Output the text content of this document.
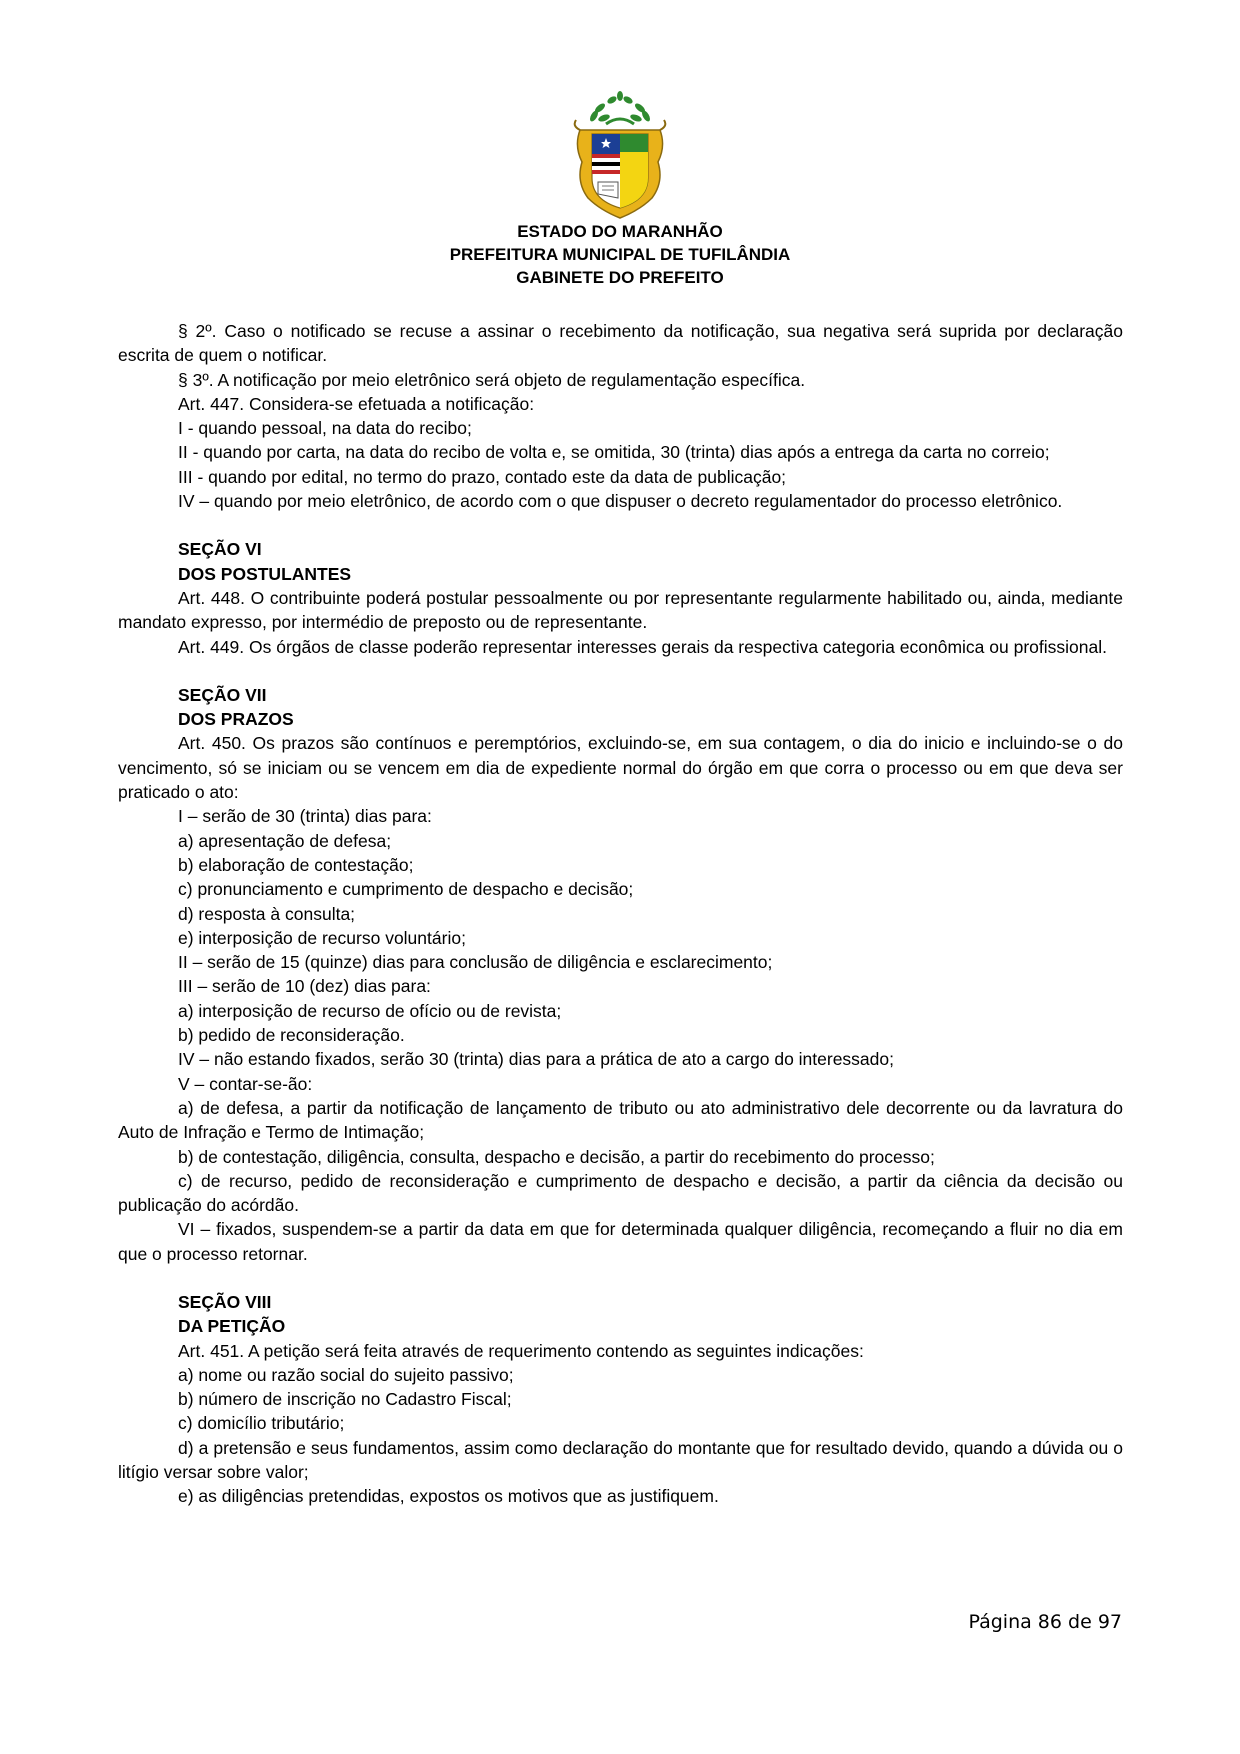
ESTADO DO MARANHÃO
PREFEITURA MUNICIPAL DE TUFILÂNDIA
GABINETE DO PREFEITO

§ 2º. Caso o notificado se recuse a assinar o recebimento da notificação, sua negativa será suprida por declaração escrita de quem o notificar.

§ 3º. A notificação por meio eletrônico será objeto de regulamentação específica.

Art. 447. Considera-se efetuada a notificação:

I - quando pessoal, na data do recibo;

II - quando por carta, na data do recibo de volta e, se omitida, 30 (trinta) dias após a entrega da carta no correio;

III - quando por edital, no termo do prazo, contado este da data de publicação;

IV – quando por meio eletrônico, de acordo com o que dispuser o decreto regulamentador do processo eletrônico.

SEÇÃO VI

DOS POSTULANTES

Art. 448. O contribuinte poderá postular pessoalmente ou por representante regularmente habilitado ou, ainda, mediante mandato expresso, por intermédio de preposto ou de representante.

Art. 449. Os órgãos de classe poderão representar interesses gerais da respectiva categoria econômica ou profissional.

SEÇÃO VII

DOS PRAZOS

Art. 450. Os prazos são contínuos e peremptórios, excluindo-se, em sua contagem, o dia do inicio e incluindo-se o do vencimento, só se iniciam ou se vencem em dia de expediente normal do órgão em que corra o processo ou em que deva ser praticado o ato:

I – serão de 30 (trinta) dias para:

a) apresentação de defesa;

b) elaboração de contestação;

c) pronunciamento e cumprimento de despacho e decisão;

d) resposta à consulta;

e) interposição de recurso voluntário;

II – serão de 15 (quinze) dias para conclusão de diligência e esclarecimento;

III – serão de 10 (dez) dias para:

a) interposição de recurso de ofício ou de revista;

b) pedido de reconsideração.

IV – não estando fixados, serão 30 (trinta) dias para a prática de ato a cargo do interessado;

V – contar-se-ão:

a) de defesa, a partir da notificação de lançamento de tributo ou ato administrativo dele decorrente ou da lavratura do Auto de Infração e Termo de Intimação;

b) de contestação, diligência, consulta, despacho e decisão, a partir do recebimento do processo;

c) de recurso, pedido de reconsideração e cumprimento de despacho e decisão, a partir da ciência da decisão ou publicação do acórdão.

VI – fixados, suspendem-se a partir da data em que for determinada qualquer diligência, recomeçando a fluir no dia em que o processo retornar.

SEÇÃO VIII

DA PETIÇÃO

Art. 451. A petição será feita através de requerimento contendo as seguintes indicações:

a) nome ou razão social do sujeito passivo;

b) número de inscrição no Cadastro Fiscal;

c) domicílio tributário;

d) a pretensão e seus fundamentos, assim como declaração do montante que for resultado devido, quando a dúvida ou o litígio versar sobre valor;

e) as diligências pretendidas, expostos os motivos que as justifiquem.

Página 86 de 97
